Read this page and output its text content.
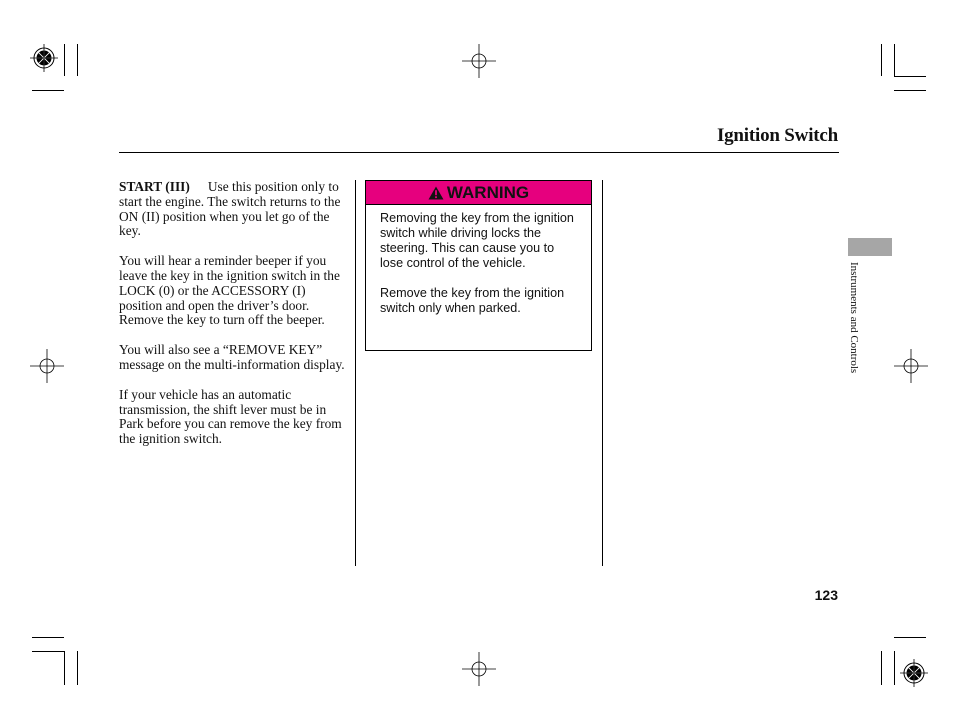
Ignition Switch

START (III) Use this position only to start the engine. The switch returns to the ON (II) position when you let go of the key.

You will hear a reminder beeper if you leave the key in the ignition switch in the LOCK (0) or the ACCESSORY (I) position and open the driver’s door. Remove the key to turn off the beeper.

You will also see a “REMOVE KEY” message on the multi-information display.

If your vehicle has an automatic transmission, the shift lever must be in Park before you can remove the key from the ignition switch.

WARNING

Removing the key from the ignition switch while driving locks the steering. This can cause you to lose control of the vehicle.

Remove the key from the ignition switch only when parked.	Instruments and Controls
123
